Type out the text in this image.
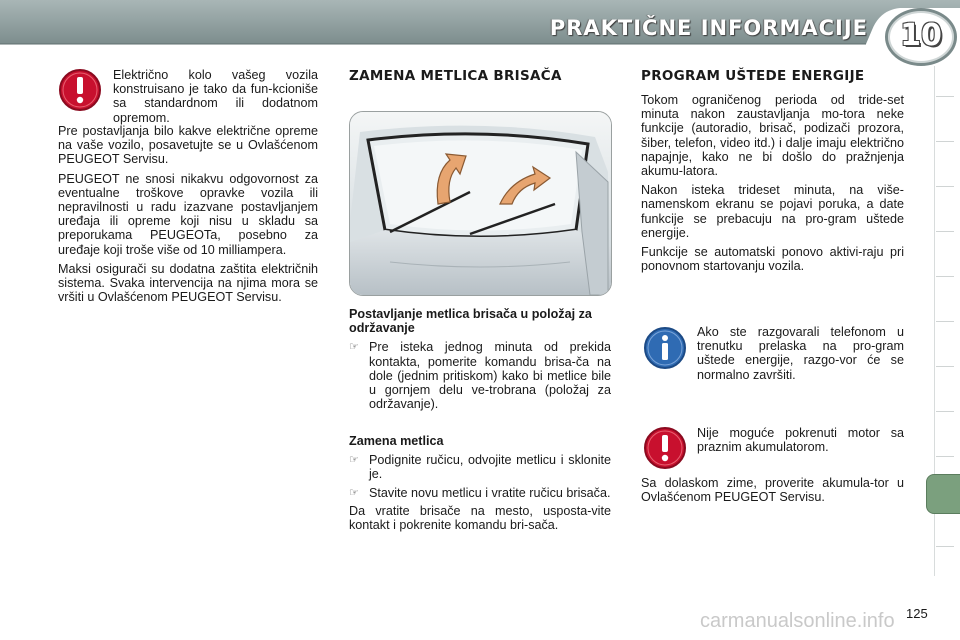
PRAKTIČNE INFORMACIJE	10
Električno kolo vašeg vozila konstruisano je tako da fun-kcioniše sa standardnom ili dodatnom opremom.

Pre postavljanja bilo kakve električne opreme na vaše vozilo, posavetujte se u Ovlašćenom PEUGEOT Servisu.

PEUGEOT ne snosi nikakvu odgovornost za eventualne troškove opravke vozila ili nepravilnosti u radu izazvane postavljanjem uređaja ili opreme koji nisu u skladu sa preporukama PEUGEOTa, posebno za uređaje koji troše više od 10 milliampera.

Maksi osigurači su dodatna zaštita električnih sistema. Svaka intervencija na njima mora se vršiti u Ovlašćenom PEUGEOT Servisu.

ZAMENA METLICA BRISAČA

Postavljanje metlica brisača u položaj za održavanje

☞ Pre isteka jednog minuta od prekida kontakta, pomerite komandu brisa-ča na dole (jednim pritiskom) kako bi metlice bile u gornjem delu ve-trobrana (položaj za održavanje).

Zamena metlica

☞ Podignite ručicu, odvojite metlicu i sklonite je.
☞ Stavite novu metlicu i vratite ručicu brisača.

Da vratite brisače na mesto, usposta-vite kontakt i pokrenite komandu bri-sača.

PROGRAM UŠTEDE ENERGIJE

Tokom ograničenog perioda od tride-set minuta nakon zaustavljanja mo-tora neke funkcije (autoradio, brisač, podizači prozora, šiber, telefon, video itd.) i dalje imaju električno napajnje, kako ne bi došlo do pražnjenja akumu-latora.

Nakon isteka trideset minuta, na više-namenskom ekranu se pojavi poruka, a date funkcije se prebacuju na pro-gram uštede energije.

Funkcije se automatski ponovo aktivi-raju pri ponovnom startovanju vozila.

Ako ste razgovarali telefonom u trenutku prelaska na pro-gram uštede energije, razgo-vor će se normalno završiti.
Nije moguće pokrenuti motor sa praznim akumulatorom.

Sa dolaskom zime, proverite akumula-tor u Ovlašćenom PEUGEOT Servisu.

125
carmanualsonline.info
